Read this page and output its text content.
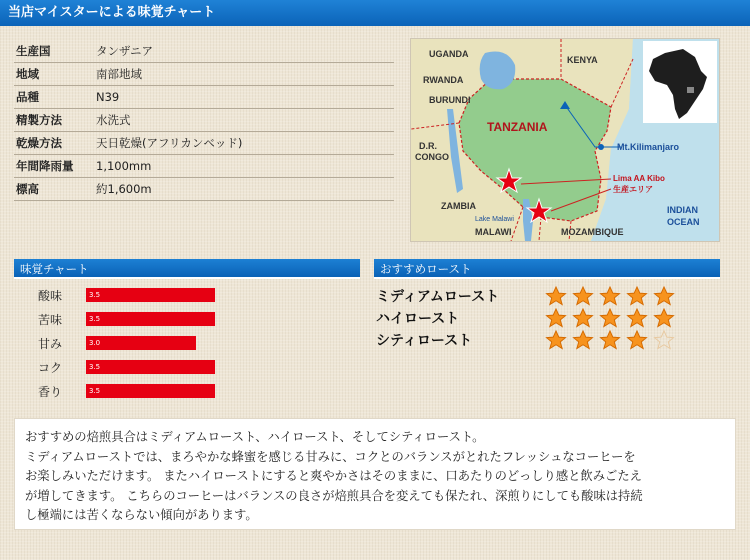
当店マイスターによる味覚チャート
生産国	タンザニア
地域	南部地域
品種	N39
精製方法	水洗式
乾燥方法	天日乾燥(アフリカンベッド)
年間降雨量	1,100mm
標高	約1,600m
UGANDA
KENYA
RWANDA
BURUNDI
TANZANIA
D.R.
CONGO
ZAMBIA
Lake Malawi
MALAWI	MOZAMBIQUE
INDIAN
OCEAN
Mt.Kilimanjaro
Lima AA Kibo
生産エリア
味覚チャート	おすすめロースト
酸味	3.5
苦味	3.5
甘み	3.0
コク	3.5
香り	3.5
ミディアムロースト
ハイロースト
シティロースト
おすすめの焙煎具合はミディアムロースト、ハイロースト、そしてシティロースト。
ミディアムローストでは、まろやかな蜂蜜を感じる甘みに、コクとのバランスがとれたフレッシュなコーヒーを
お楽しみいただけます。 またハイローストにすると爽やかさはそのままに、口あたりのどっしり感と飲みごたえ
が増してきます。 こちらのコーヒーはバランスの良さが焙煎具合を変えても保たれ、深煎りにしても酸味は持続
し極端には苦くならない傾向があります。
